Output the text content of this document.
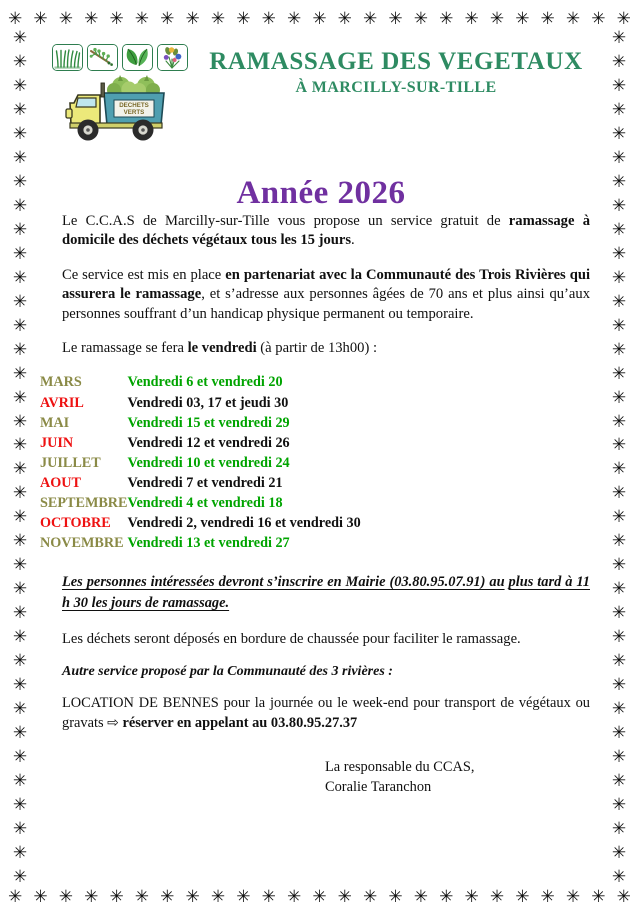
✳ ✳ ✳ ✳ ✳ ✳ ✳ ✳ ✳ ✳ ✳ ✳ ✳ ✳ ✳ ✳ ✳ ✳ ✳ ✳ ✳ ✳ ✳ ✳ ✳
✳ ✳ ✳ ✳ ✳ ✳ ✳ ✳ ✳ ✳ ✳ ✳ ✳ ✳ ✳ ✳ ✳ ✳ ✳ ✳ ✳ ✳ ✳ ✳ ✳
✳
✳
✳
✳
✳
✳
✳
✳
✳
✳
✳
✳
✳
✳
✳
✳
✳
✳
✳
✳
✳
✳
✳
✳
✳
✳
✳
✳
✳
✳
✳
✳
✳
✳
✳
✳
✳
✳
✳
✳
✳
✳
✳
✳
✳
✳
✳
✳
✳
✳
✳
✳
✳
✳
✳
✳
✳
✳
✳
✳
✳
✳
✳
✳
✳
✳
✳
✳
✳
✳
✳
✳
DECHETS
VERTS
RAMASSAGE DES VEGETAUX
À MARCILLY-SUR-TILLE
Année 2026

Le C.C.A.S de Marcilly-sur-Tille vous propose un service gratuit de ramassage à domicile des déchets végétaux tous les 15 jours.

Ce service est mis en place en partenariat avec la Communauté des Trois Rivières qui assurera le ramassage, et s’adresse aux personnes âgées de 70 ans et plus ainsi qu’aux personnes souffrant d’un handicap physique permanent ou temporaire.

Le ramassage se fera le vendredi (à partir de 13h00) :

MARS	Vendredi 6 et vendredi 20
AVRIL	Vendredi 03, 17 et jeudi 30
MAI	Vendredi 15 et vendredi 29
JUIN	Vendredi 12 et vendredi 26
JUILLET	Vendredi 10 et vendredi 24
AOUT	Vendredi 7 et vendredi 21
SEPTEMBRE	Vendredi 4 et vendredi 18
OCTOBRE	Vendredi 2, vendredi 16 et vendredi 30
NOVEMBRE	Vendredi 13 et vendredi 27

Les personnes intéressées devront s’inscrire en Mairie (03.80.95.07.91) au plus tard à 11 h 30 les jours de ramassage.

Les déchets seront déposés en bordure de chaussée pour faciliter le ramassage.

Autre service proposé par la Communauté des 3 rivières :

LOCATION DE BENNES pour la journée ou le week-end pour transport de végétaux ou gravats ⇨ réserver en appelant au 03.80.95.27.37

La responsable du CCAS,
Coralie Taranchon
